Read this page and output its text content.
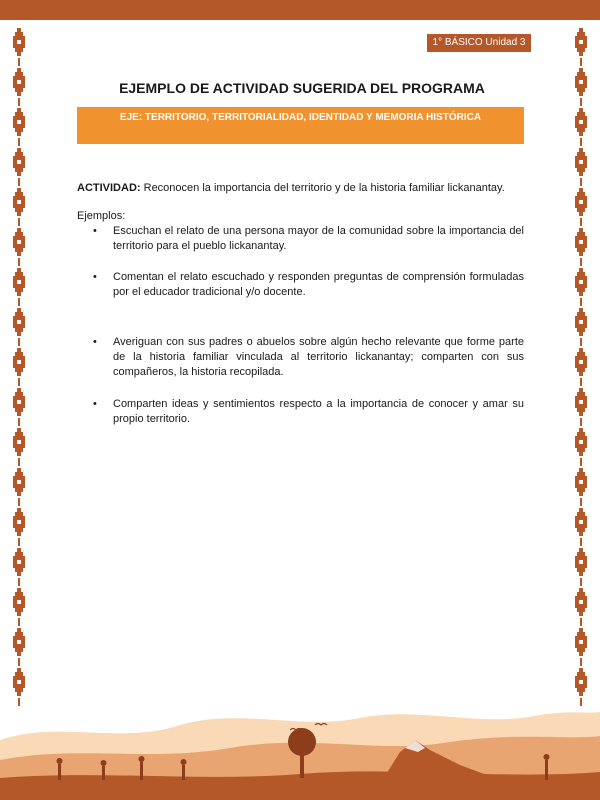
1° BÁSICO Unidad 3
EJEMPLO DE ACTIVIDAD SUGERIDA DEL PROGRAMA
EJE: TERRITORIO, TERRITORIALIDAD, IDENTIDAD Y MEMORIA HISTÓRICA
ACTIVIDAD: Reconocen la importancia del territorio y de la historia familiar lickanantay.
Ejemplos:
•	Escuchan el relato de una persona mayor de la comunidad sobre la importancia del territorio para el pueblo lickanantay.
•	Comentan el relato escuchado y responden preguntas de comprensión formuladas por el educador tradicional y/o docente.
•	Averiguan con sus padres o abuelos sobre algún hecho relevante que forme parte de la historia familiar vinculada al territorio lickanantay; comparten con sus compañeros, la historia recopilada.
•	Comparten ideas y sentimientos respecto a la importancia de conocer y amar su propio territorio.
